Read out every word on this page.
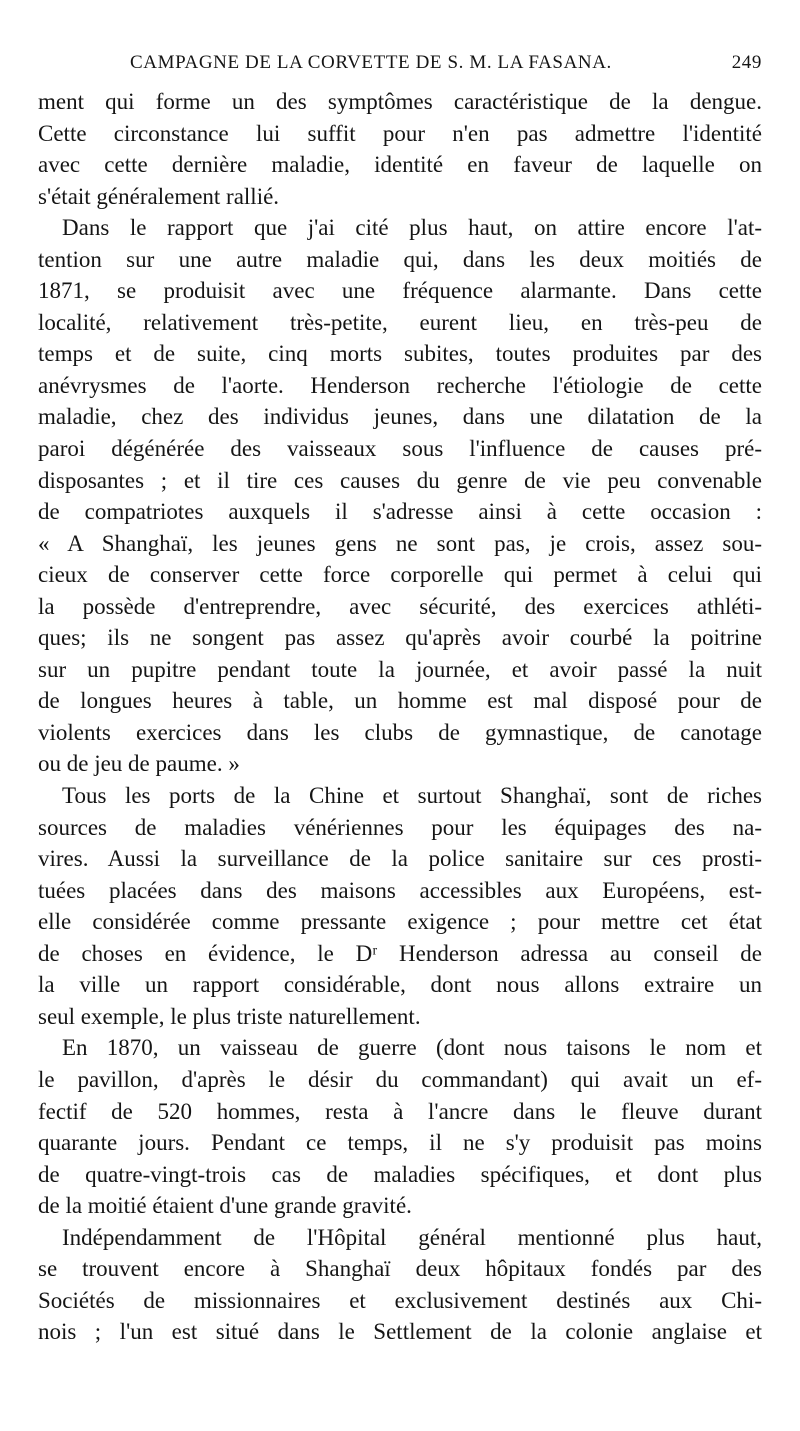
CAMPAGNE DE LA CORVETTE DE S. M. LA FASANA.	249
ment qui forme un des symptômes caractéristique de la dengue.
Cette circonstance lui suffit pour n'en pas admettre l'identité
avec cette dernière maladie, identité en faveur de laquelle on
s'était généralement rallié.
Dans le rapport que j'ai cité plus haut, on attire encore l'at-
tention sur une autre maladie qui, dans les deux moitiés de
1871, se produisit avec une fréquence alarmante. Dans cette
localité, relativement très-petite, eurent lieu, en très-peu de
temps et de suite, cinq morts subites, toutes produites par des
anévrysmes de l'aorte. Henderson recherche l'étiologie de cette
maladie, chez des individus jeunes, dans une dilatation de la
paroi dégénérée des vaisseaux sous l'influence de causes pré-
disposantes ; et il tire ces causes du genre de vie peu convenable
de compatriotes auxquels il s'adresse ainsi à cette occasion :
« A Shanghaï, les jeunes gens ne sont pas, je crois, assez sou-
cieux de conserver cette force corporelle qui permet à celui qui
la possède d'entreprendre, avec sécurité, des exercices athléti-
ques; ils ne songent pas assez qu'après avoir courbé la poitrine
sur un pupitre pendant toute la journée, et avoir passé la nuit
de longues heures à table, un homme est mal disposé pour de
violents exercices dans les clubs de gymnastique, de canotage
ou de jeu de paume. »
Tous les ports de la Chine et surtout Shanghaï, sont de riches
sources de maladies vénériennes pour les équipages des na-
vires. Aussi la surveillance de la police sanitaire sur ces prosti-
tuées placées dans des maisons accessibles aux Européens, est-
elle considérée comme pressante exigence ; pour mettre cet état
de choses en évidence, le Dʳ Henderson adressa au conseil de
la ville un rapport considérable, dont nous allons extraire un
seul exemple, le plus triste naturellement.
En 1870, un vaisseau de guerre (dont nous taisons le nom et
le pavillon, d'après le désir du commandant) qui avait un ef-
fectif de 520 hommes, resta à l'ancre dans le fleuve durant
quarante jours. Pendant ce temps, il ne s'y produisit pas moins
de quatre-vingt-trois cas de maladies spécifiques, et dont plus
de la moitié étaient d'une grande gravité.
Indépendamment de l'Hôpital général mentionné plus haut,
se trouvent encore à Shanghaï deux hôpitaux fondés par des
Sociétés de missionnaires et exclusivement destinés aux Chi-
nois ; l'un est situé dans le Settlement de la colonie anglaise et
